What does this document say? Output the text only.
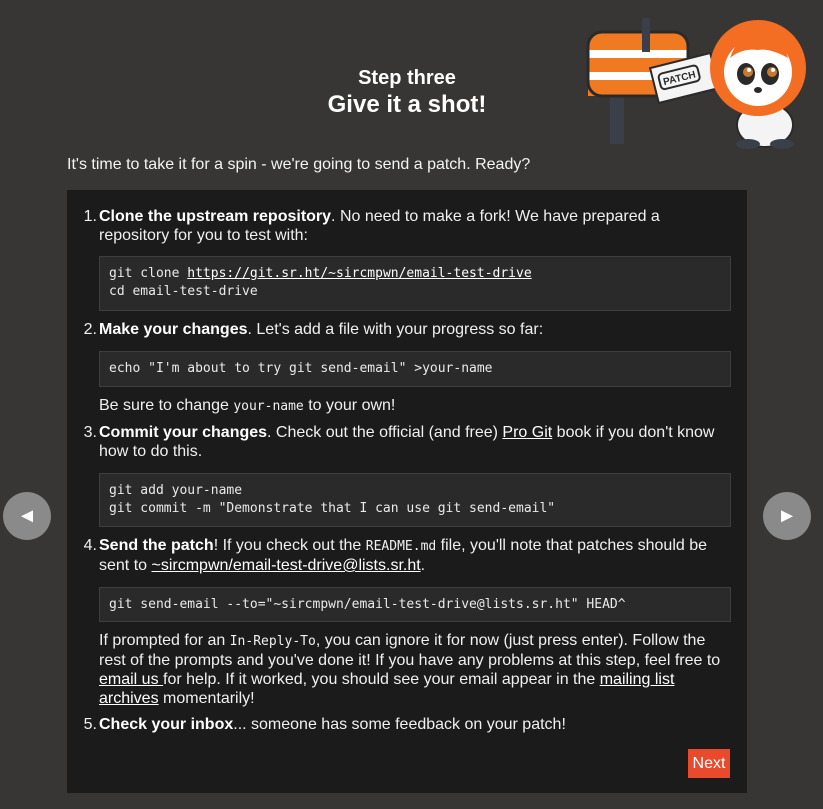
PATCH
Step three
Give it a shot!
It's time to take it for a spin - we're going to send a patch. Ready?
◄	►
1. Clone the upstream repository. No need to make a fork! We have prepared a repository for you to test with:
git clone https://git.sr.ht/~sircmpwn/email-test-drive
cd email-test-drive
2. Make your changes. Let's add a file with your progress so far:
echo "I'm about to try git send-email" >your-name
Be sure to change your-name to your own!
3. Commit your changes. Check out the official (and free) Pro Git book if you don't know how to do this.
git add your-name
git commit -m "Demonstrate that I can use git send-email"
4. Send the patch! If you check out the README.md file, you'll note that patches should be sent to ~sircmpwn/email-test-drive@lists.sr.ht.
git send-email --to="~sircmpwn/email-test-drive@lists.sr.ht" HEAD^
If prompted for an In-Reply-To, you can ignore it for now (just press enter). Follow the rest of the prompts and you've done it! If you have any problems at this step, feel free to email us for help. If it worked, you should see your email appear in the mailing list archives momentarily!
5. Check your inbox... someone has some feedback on your patch!
Next
